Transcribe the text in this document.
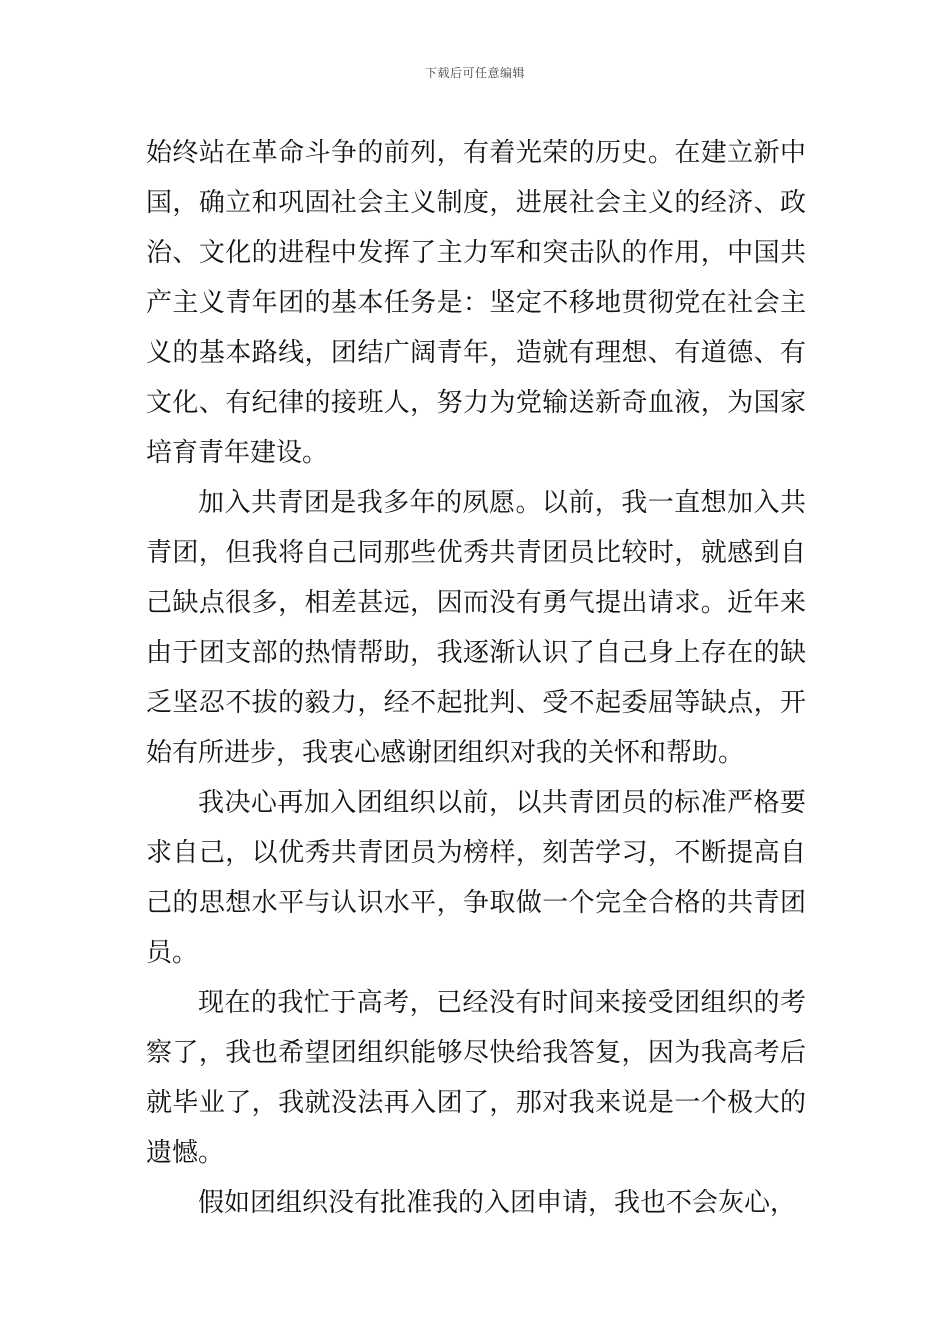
下载后可任意编辑

始终站在革命斗争的前列，有着光荣的历史。在建立新中国，确立和巩固社会主义制度，进展社会主义的经济、政治、文化的进程中发挥了主力军和突击队的作用，中国共产主义青年团的基本任务是：坚定不移地贯彻党在社会主义的基本路线，团结广阔青年，造就有理想、有道德、有文化、有纪律的接班人，努力为党输送新奇血液，为国家培育青年建设。

加入共青团是我多年的夙愿。以前，我一直想加入共青团，但我将自己同那些优秀共青团员比较时，就感到自己缺点很多，相差甚远，因而没有勇气提出请求。近年来由于团支部的热情帮助，我逐渐认识了自己身上存在的缺乏坚忍不拔的毅力，经不起批判、受不起委屈等缺点，开始有所进步，我衷心感谢团组织对我的关怀和帮助。

我决心再加入团组织以前，以共青团员的标准严格要求自己，以优秀共青团员为榜样，刻苦学习，不断提高自己的思想水平与认识水平，争取做一个完全合格的共青团员。

现在的我忙于高考，已经没有时间来接受团组织的考察了，我也希望团组织能够尽快给我答复，因为我高考后就毕业了，我就没法再入团了，那对我来说是一个极大的遗憾。

假如团组织没有批准我的入团申请，我也不会灰心，
